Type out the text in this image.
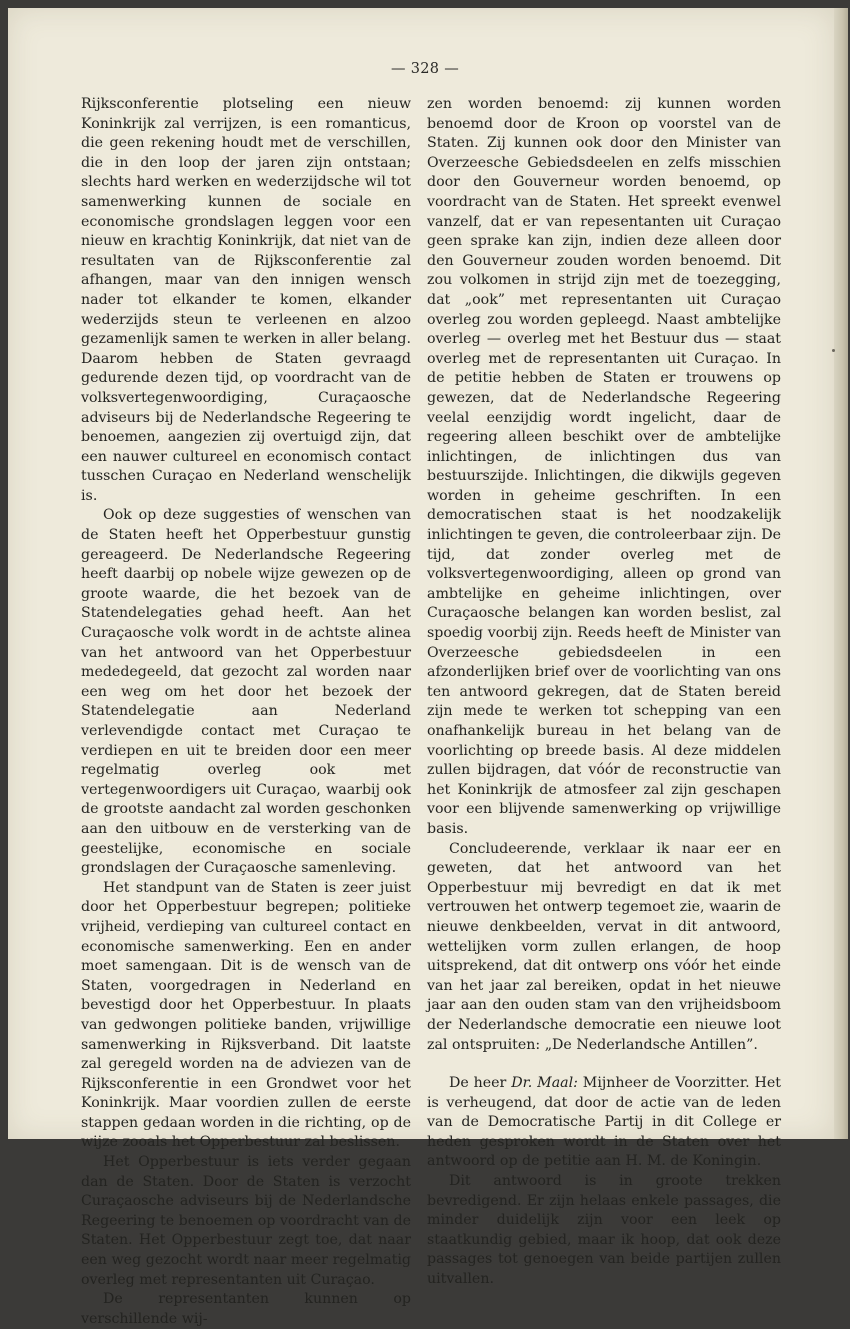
— 328 —

Rijksconferentie plotseling een nieuw Koninkrijk zal verrijzen, is een romanticus, die geen rekening houdt met de verschillen, die in den loop der jaren zijn ontstaan; slechts hard werken en wederzijdsche wil tot samenwerking kunnen de sociale en economische grondslagen leggen voor een nieuw en krachtig Koninkrijk, dat niet van de resultaten van de Rijksconferentie zal afhangen, maar van den innigen wensch nader tot elkander te komen, elkander wederzijds steun te verleenen en alzoo gezamenlijk samen te werken in aller belang. Daarom hebben de Staten gevraagd gedurende dezen tijd, op voordracht van de volksvertegenwoordiging, Curaçaosche adviseurs bij de Nederlandsche Regeering te benoemen, aangezien zij overtuigd zijn, dat een nauwer cultureel en economisch contact tusschen Curaçao en Nederland wenschelijk is.

Ook op deze suggesties of wenschen van de Staten heeft het Opperbestuur gunstig gereageerd. De Nederlandsche Regeering heeft daarbij op nobele wijze gewezen op de groote waarde, die het bezoek van de Statendelegaties gehad heeft. Aan het Curaçaosche volk wordt in de achtste alinea van het antwoord van het Opperbestuur mededegeeld, dat gezocht zal worden naar een weg om het door het bezoek der Statendelegatie aan Nederland verlevendigde contact met Curaçao te verdiepen en uit te breiden door een meer regelmatig overleg ook met vertegenwoordigers uit Curaçao, waarbij ook de grootste aandacht zal worden geschonken aan den uitbouw en de versterking van de geestelijke, economische en sociale grondslagen der Curaçaosche samenleving.

Het standpunt van de Staten is zeer juist door het Opperbestuur begrepen; politieke vrijheid, verdieping van cultureel contact en economische samenwerking. Een en ander moet samengaan. Dit is de wensch van de Staten, voorgedragen in Nederland en bevestigd door het Opperbestuur. In plaats van gedwongen politieke banden, vrijwillige samenwerking in Rijksverband. Dit laatste zal geregeld worden na de adviezen van de Rijksconferentie in een Grondwet voor het Koninkrijk. Maar voordien zullen de eerste stappen gedaan worden in die richting, op de wijze zooals het Opperbestuur zal beslissen.

Het Opperbestuur is iets verder gegaan dan de Staten. Door de Staten is verzocht Curaçaosche adviseurs bij de Nederlandsche Regeering te benoemen op voordracht van de Staten. Het Opperbestuur zegt toe, dat naar een weg gezocht wordt naar meer regelmatig overleg met representanten uit Curaçao.

De representanten kunnen op verschillende wij-

zen worden benoemd: zij kunnen worden benoemd door de Kroon op voorstel van de Staten. Zij kunnen ook door den Minister van Overzeesche Gebiedsdeelen en zelfs misschien door den Gouverneur worden benoemd, op voordracht van de Staten. Het spreekt evenwel vanzelf, dat er van repesentanten uit Curaçao geen sprake kan zijn, indien deze alleen door den Gouverneur zouden worden benoemd. Dit zou volkomen in strijd zijn met de toezegging, dat „ook” met representanten uit Curaçao overleg zou worden gepleegd. Naast ambtelijke overleg — overleg met het Bestuur dus — staat overleg met de representanten uit Curaçao. In de petitie hebben de Staten er trouwens op gewezen, dat de Nederlandsche Regeering veelal eenzijdig wordt ingelicht, daar de regeering alleen beschikt over de ambtelijke inlichtingen, de inlichtingen dus van bestuurszijde. Inlichtingen, die dikwijls gegeven worden in geheime geschriften. In een democratischen staat is het noodzakelijk inlichtingen te geven, die controleerbaar zijn. De tijd, dat zonder overleg met de volksvertegenwoordiging, alleen op grond van ambtelijke en geheime inlichtingen, over Curaçaosche belangen kan worden beslist, zal spoedig voorbij zijn. Reeds heeft de Minister van Overzeesche gebiedsdeelen in een afzonderlijken brief over de voorlichting van ons ten antwoord gekregen, dat de Staten bereid zijn mede te werken tot schepping van een onafhankelijk bureau in het belang van de voorlichting op breede basis. Al deze middelen zullen bijdragen, dat vóór de reconstructie van het Koninkrijk de atmosfeer zal zijn geschapen voor een blijvende samenwerking op vrijwillige basis.

Concludeerende, verklaar ik naar eer en geweten, dat het antwoord van het Opperbestuur mij bevredigt en dat ik met vertrouwen het ontwerp tegemoet zie, waarin de nieuwe denkbeelden, vervat in dit antwoord, wettelijken vorm zullen erlangen, de hoop uitsprekend, dat dit ontwerp ons vóór het einde van het jaar zal bereiken, opdat in het nieuwe jaar aan den ouden stam van den vrijheidsboom der Nederlandsche democratie een nieuwe loot zal ontspruiten: „De Nederlandsche Antillen”.

De heer Dr. Maal: Mijnheer de Voorzitter. Het is verheugend, dat door de actie van de leden van de Democratische Partij in dit College er heden gesproken wordt in de Staten over het antwoord op de petitie aan H. M. de Koningin.

Dit antwoord is in groote trekken bevredigend. Er zijn helaas enkele passages, die minder duidelijk zijn voor een leek op staatkundig gebied, maar ik hoop, dat ook deze passages tot genoegen van beide partijen zullen uitvallen.
